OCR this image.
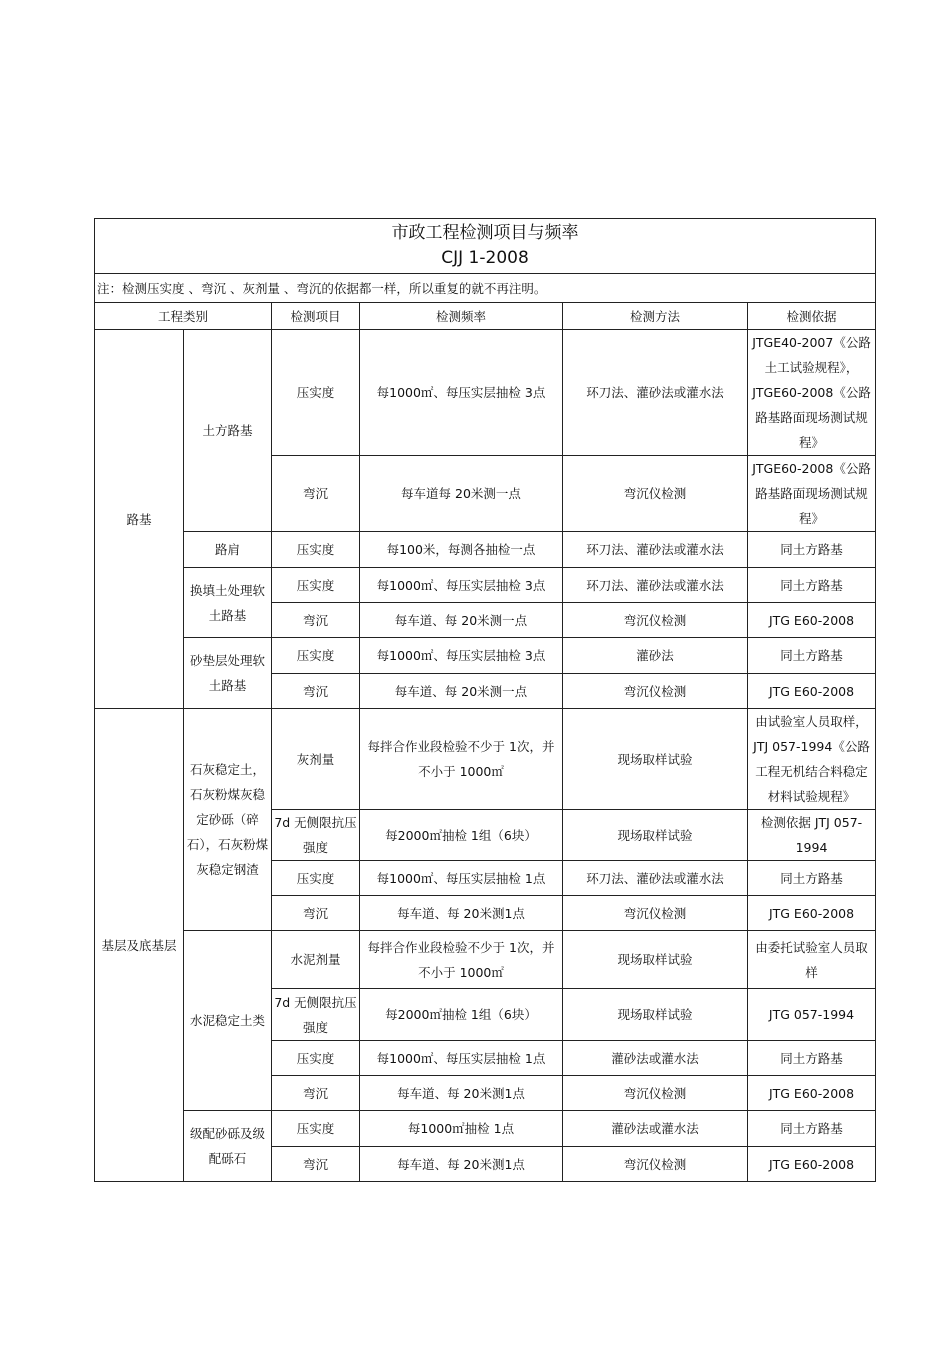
市政工程检测项目与频率
CJJ 1-2008					

注：检测压实度 、弯沉 、灰剂量 、弯沉的依据都一样，所以重复的就不再注明。					
工程类别		检测项目	检测频率	检测方法	检测依据
路基	土方路基	压实度	每1000㎡、每压实层抽检 3点	环刀法、灌砂法或灌水法	JTGE40-2007《公路土工试验规程》，JTGE60-2008《公路路基路面现场测试规程》
		弯沉	每车道每 20米测一点	弯沉仪检测	JTGE60-2008《公路路基路面现场测试规程》
	路肩	压实度	每100米，每测各抽检一点	环刀法、灌砂法或灌水法	同土方路基
	换填土处理软土路基	压实度	每1000㎡、每压实层抽检 3点	环刀法、灌砂法或灌水法	同土方路基
		弯沉	每车道、每 20米测一点	弯沉仪检测	JTG E60-2008
	砂垫层处理软土路基	压实度	每1000㎡、每压实层抽检 3点	灌砂法	同土方路基
		弯沉	每车道、每 20米测一点	弯沉仪检测	JTG E60-2008
基层及底基层	石灰稳定土，石灰粉煤灰稳定砂砾（碎石），石灰粉煤灰稳定钢渣	灰剂量	每拌合作业段检验不少于 1次，并不小于 1000㎡	现场取样试验	由试验室人员取样，JTJ 057-1994《公路工程无机结合料稳定材料试验规程》
		7d 无侧限抗压强度	每2000㎡抽检 1组（6块）	现场取样试验	检测依据 JTJ 057-1994
		压实度	每1000㎡、每压实层抽检 1点	环刀法、灌砂法或灌水法	同土方路基
		弯沉	每车道、每 20米测1点	弯沉仪检测	JTG E60-2008
	水泥稳定土类	水泥剂量	每拌合作业段检验不少于 1次，并不小于 1000㎡	现场取样试验	由委托试验室人员取样
		7d 无侧限抗压强度	每2000㎡抽检 1组（6块）	现场取样试验	JTG 057-1994
		压实度	每1000㎡、每压实层抽检 1点	灌砂法或灌水法	同土方路基
		弯沉	每车道、每 20米测1点	弯沉仪检测	JTG E60-2008
	级配砂砾及级配砾石	压实度	每1000㎡抽检 1点	灌砂法或灌水法	同土方路基
		弯沉	每车道、每 20米测1点	弯沉仪检测	JTG E60-2008
